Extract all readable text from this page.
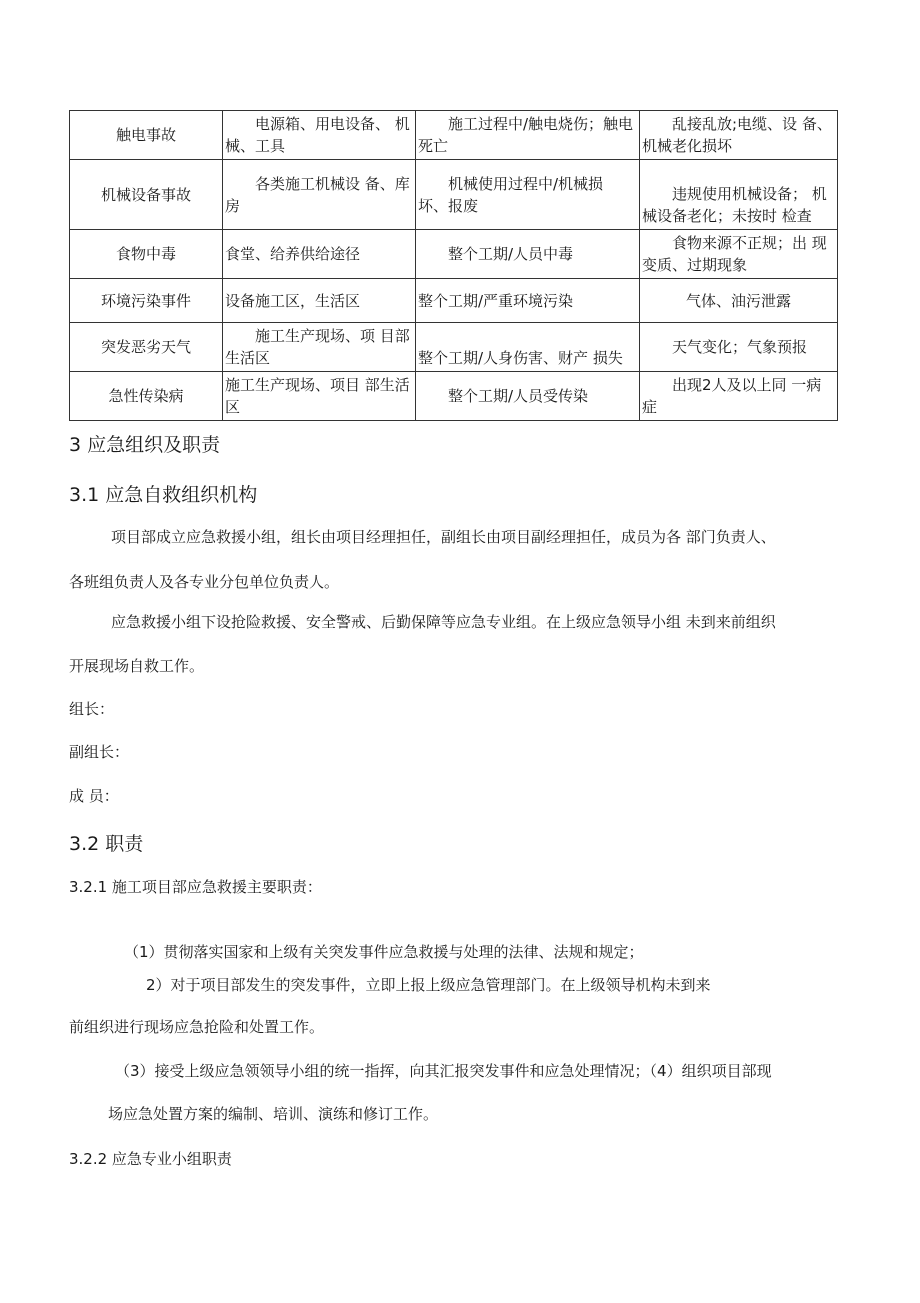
触电事故	电源箱、用电设备、 机械、工具	施工过程中/触电烧伤；触电死亡	乱接乱放;电缆、设 备、机械老化损坏
机械设备事故	各类施工机械设 备、库房	机械使用过程中/机械损 坏、报废	违规使用机械设备； 机械设备老化；未按时 检查
食物中毒	食堂、给养供给途径	整个工期/人员中毒	食物来源不正规；出 现变质、过期现象
环境污染事件	设备施工区，生活区	整个工期/严重环境污染	气体、油污泄露
突发恶劣天气	施工生产现场、项 目部生活区	整个工期/人身伤害、财产 损失	天气变化；气象预报
急性传染病	施工生产现场、项目 部生活区	整个工期/人员受传染	出现2人及以上同 一病症
3 应急组织及职责
3.1 应急自救组织机构
项目部成立应急救援小组，组长由项目经理担任，副组长由项目副经理担任，成员为各 部门负责人、
各班组负责人及各专业分包单位负责人。
应急救援小组下设抢险救援、安全警戒、后勤保障等应急专业组。在上级应急领导小组 未到来前组织
开展现场自救工作。
组长：
副组长：
成 员：
3.2 职责
3.2.1 施工项目部应急救援主要职责：
（1）贯彻落实国家和上级有关突发事件应急救援与处理的法律、法规和规定；
2）对于项目部发生的突发事件，立即上报上级应急管理部门。在上级领导机构未到来
前组织进行现场应急抢险和处置工作。
（3）接受上级应急领领导小组的统一指挥，向其汇报突发事件和应急处理情况；（4）组织项目部现
场应急处置方案的编制、培训、演练和修订工作。
3.2.2 应急专业小组职责
